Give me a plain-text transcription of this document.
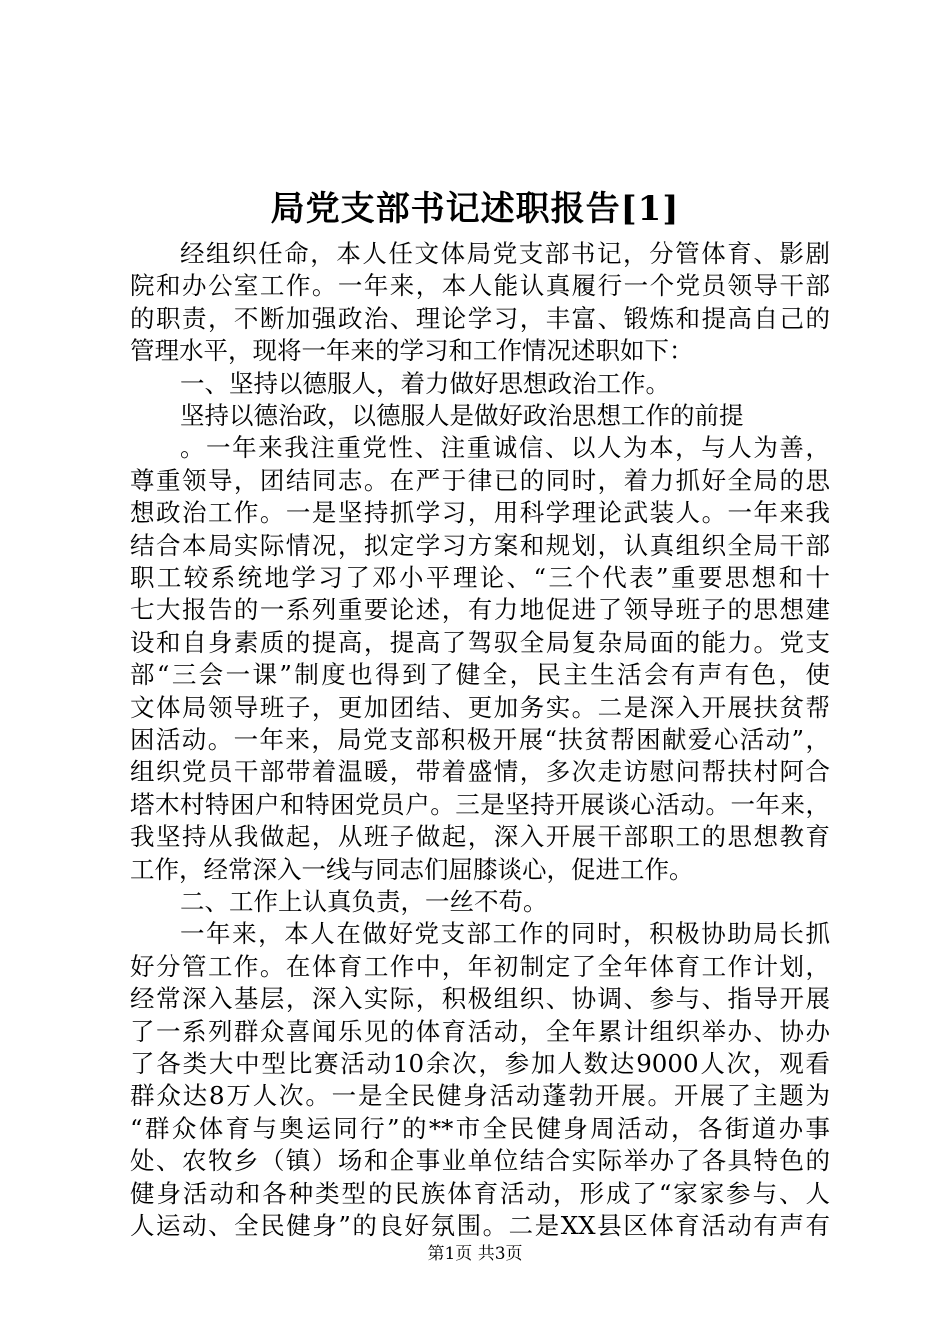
局党支部书记述职报告[1]
经组织任命，本人任文体局党支部书记，分管体育、影剧
院和办公室工作。一年来，本人能认真履行一个党员领导干部
的职责，不断加强政治、理论学习，丰富、锻炼和提高自己的
管理水平，现将一年来的学习和工作情况述职如下：
一、坚持以德服人，着力做好思想政治工作。
坚持以德治政，以德服人是做好政治思想工作的前提
。一年来我注重党性、注重诚信、以人为本，与人为善，
尊重领导，团结同志。在严于律已的同时，着力抓好全局的思
想政治工作。一是坚持抓学习，用科学理论武装人。一年来我
结合本局实际情况，拟定学习方案和规划，认真组织全局干部
职工较系统地学习了邓小平理论、“三个代表”重要思想和十
七大报告的一系列重要论述，有力地促进了领导班子的思想建
设和自身素质的提高，提高了驾驭全局复杂局面的能力。党支
部“三会一课”制度也得到了健全，民主生活会有声有色，使
文体局领导班子，更加团结、更加务实。二是深入开展扶贫帮
困活动。一年来，局党支部积极开展“扶贫帮困献爱心活动”，
组织党员干部带着温暖，带着盛情，多次走访慰问帮扶村阿合
塔木村特困户和特困党员户。三是坚持开展谈心活动。一年来，
我坚持从我做起，从班子做起，深入开展干部职工的思想教育
工作，经常深入一线与同志们屈膝谈心，促进工作。
二、工作上认真负责，一丝不苟。
一年来，本人在做好党支部工作的同时，积极协助局长抓
好分管工作。在体育工作中，年初制定了全年体育工作计划，
经常深入基层，深入实际，积极组织、协调、参与、指导开展
了一系列群众喜闻乐见的体育活动，全年累计组织举办、协办
了各类大中型比赛活动10余次，参加人数达9000人次，观看
群众达8万人次。一是全民健身活动蓬勃开展。开展了主题为
“群众体育与奥运同行”的**市全民健身周活动，各街道办事
处、农牧乡（镇）场和企事业单位结合实际举办了各具特色的
健身活动和各种类型的民族体育活动，形成了“家家参与、人
人运动、全民健身”的良好氛围。二是XX县区体育活动有声有
第1页 共3页
